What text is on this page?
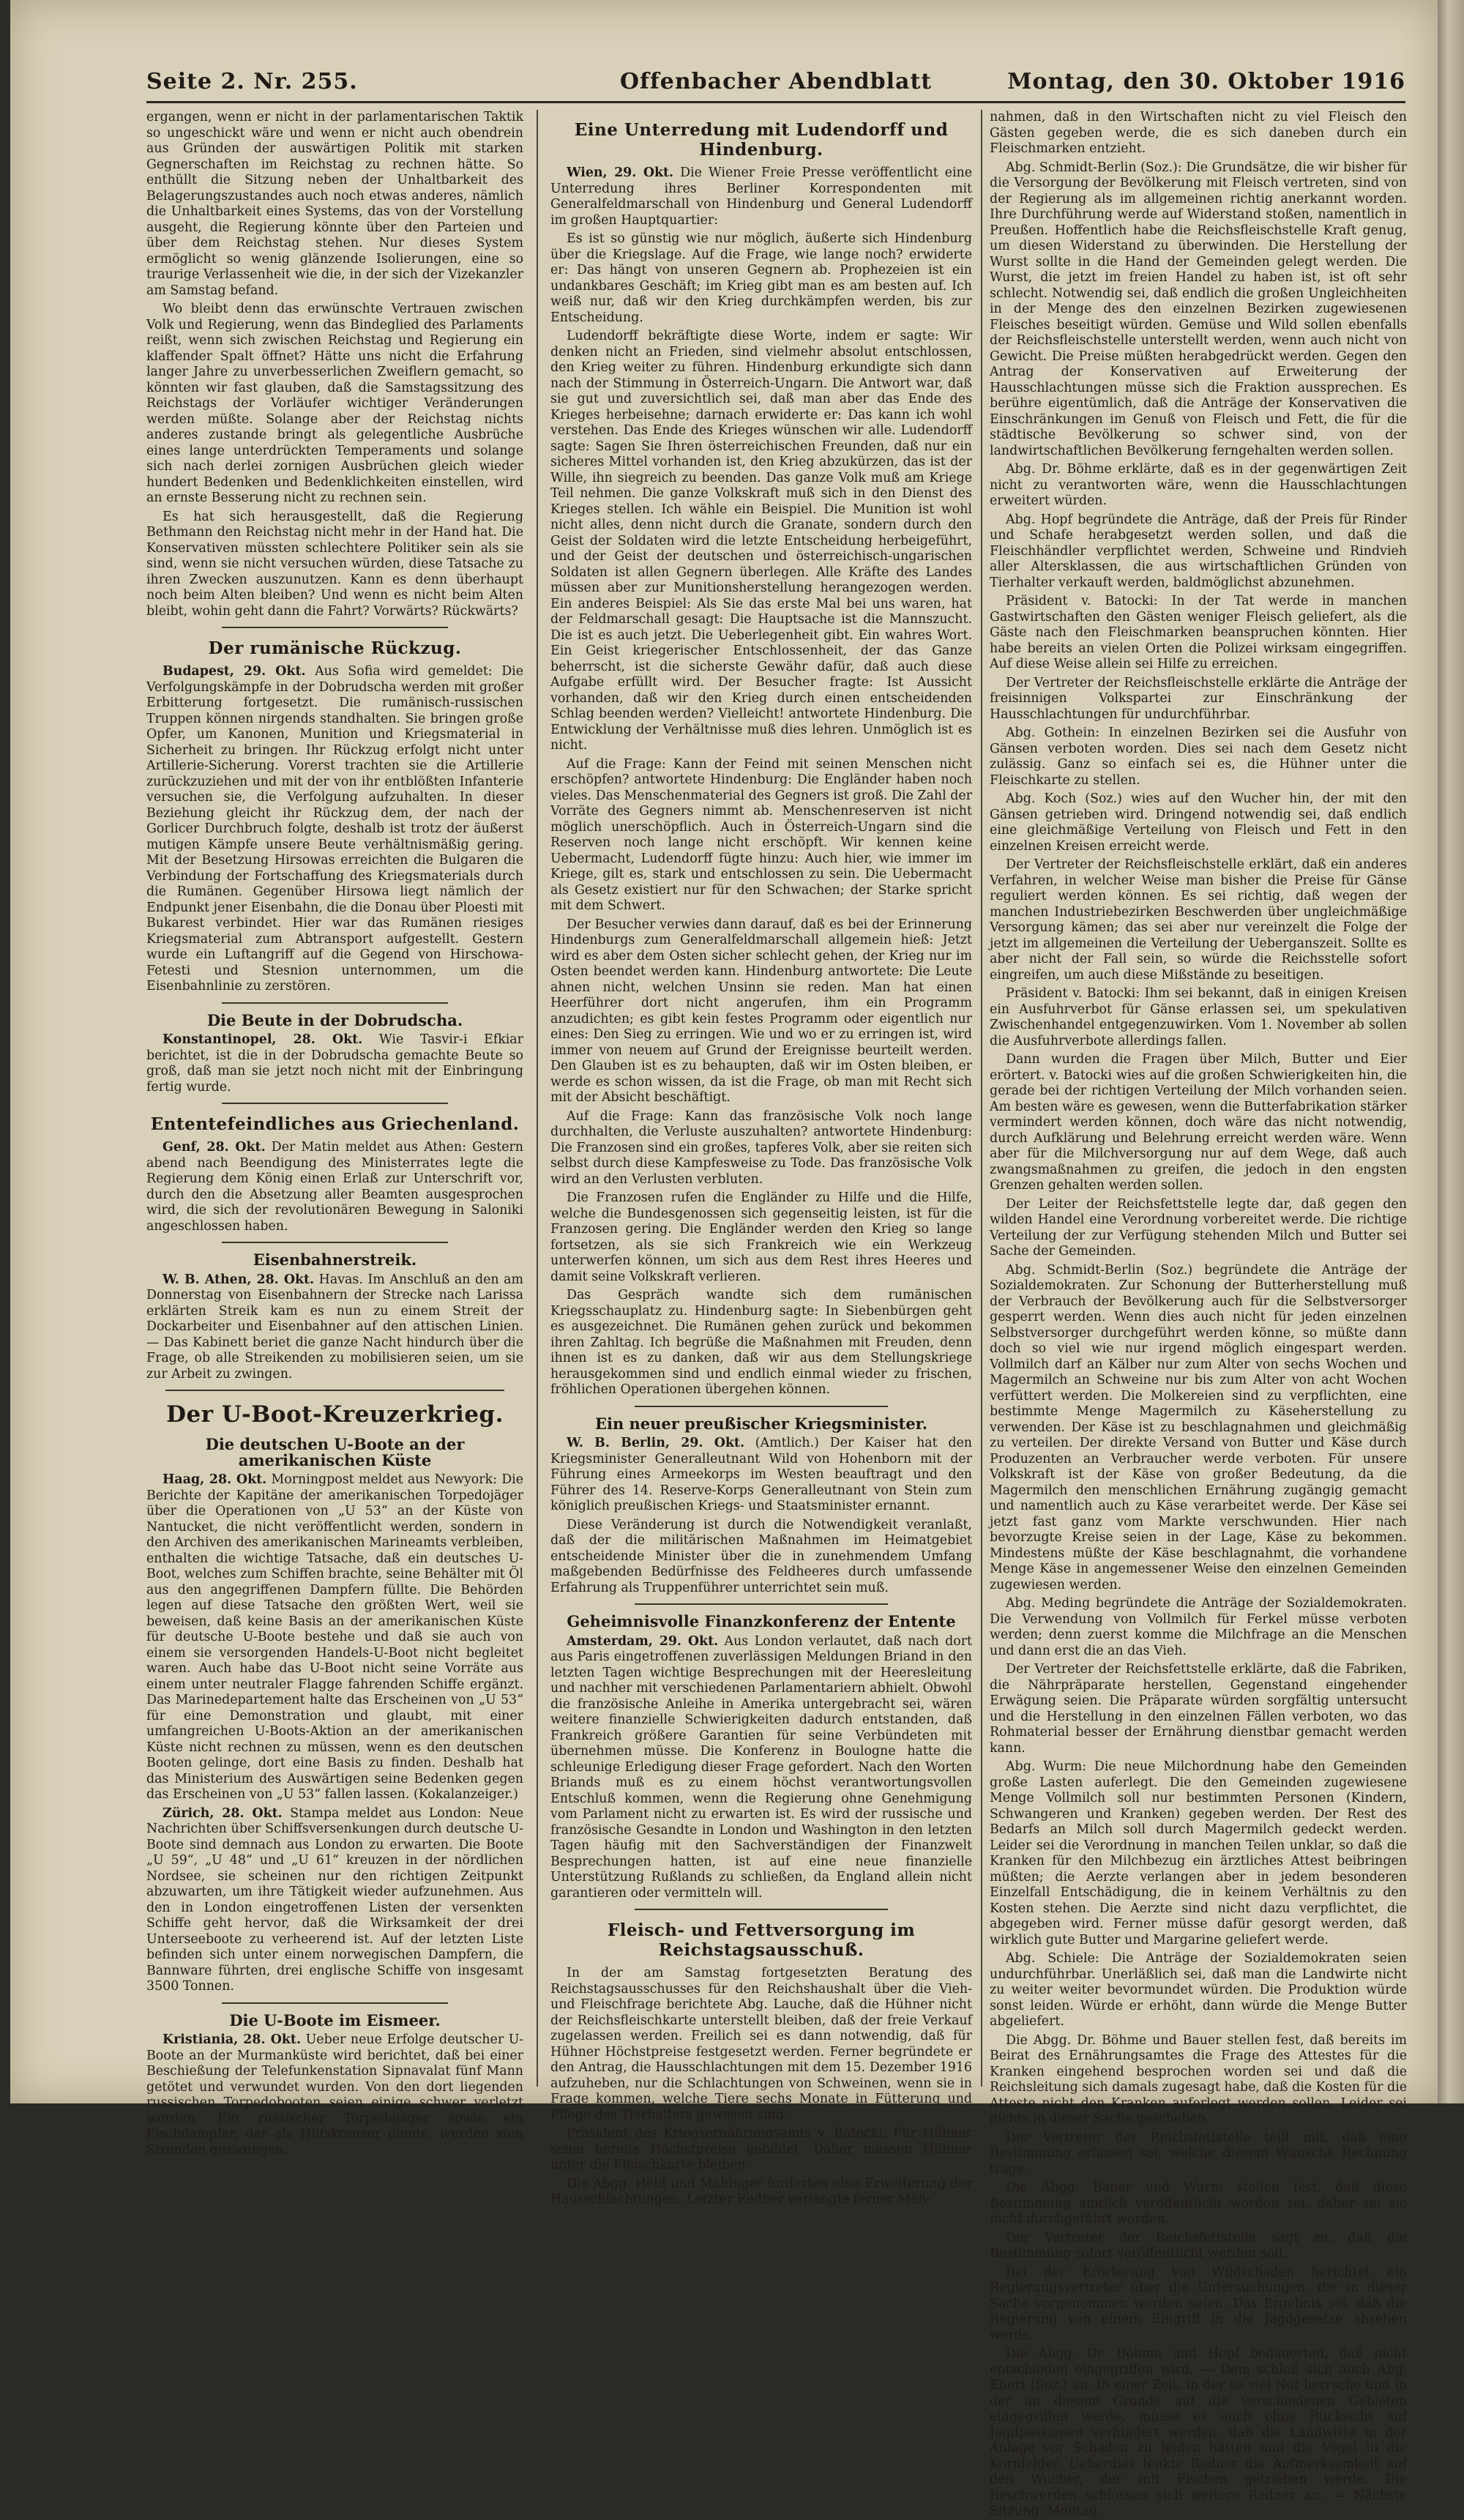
Seite 2. Nr. 255.	Offenbacher Abendblatt	Montag, den 30. Oktober 1916

ergangen, wenn er nicht in der parlamentarischen Taktik so ungeschickt wäre und wenn er nicht auch obendrein aus Gründen der auswärtigen Politik mit starken Gegnerschaften im Reichstag zu rechnen hätte. So enthüllt die Sitzung neben der Unhaltbarkeit des Belagerungszustandes auch noch etwas anderes, nämlich die Unhaltbarkeit eines Systems, das von der Vorstellung ausgeht, die Regierung könnte über den Parteien und über dem Reichstag stehen. Nur dieses System ermöglicht so wenig glänzende Isolierungen, eine so traurige Verlassenheit wie die, in der sich der Vizekanzler am Samstag befand.

Wo bleibt denn das erwünschte Vertrauen zwischen Volk und Regierung, wenn das Bindeglied des Parlaments reißt, wenn sich zwischen Reichstag und Regierung ein klaffender Spalt öffnet? Hätte uns nicht die Erfahrung langer Jahre zu unverbesserlichen Zweiflern gemacht, so könnten wir fast glauben, daß die Samstagssitzung des Reichstags der Vorläufer wichtiger Veränderungen werden müßte. Solange aber der Reichstag nichts anderes zustande bringt als gelegentliche Ausbrüche eines lange unterdrückten Temperaments und solange sich nach derlei zornigen Ausbrüchen gleich wieder hundert Bedenken und Bedenklichkeiten einstellen, wird an ernste Besserung nicht zu rechnen sein.

Es hat sich herausgestellt, daß die Regierung Bethmann den Reichstag nicht mehr in der Hand hat. Die Konservativen müssten schlechtere Politiker sein als sie sind, wenn sie nicht versuchen würden, diese Tatsache zu ihren Zwecken auszunutzen. Kann es denn überhaupt noch beim Alten bleiben? Und wenn es nicht beim Alten bleibt, wohin geht dann die Fahrt? Vorwärts? Rückwärts?

Der rumänische Rückzug.

Budapest, 29. Okt. Aus Sofia wird gemeldet: Die Verfolgungskämpfe in der Dobrudscha werden mit großer Erbitterung fortgesetzt. Die rumänisch-russischen Truppen können nirgends standhalten. Sie bringen große Opfer, um Kanonen, Munition und Kriegsmaterial in Sicherheit zu bringen. Ihr Rückzug erfolgt nicht unter Artillerie-Sicherung. Vorerst trachten sie die Artillerie zurückzuziehen und mit der von ihr entblößten Infanterie versuchen sie, die Verfolgung aufzuhalten. In dieser Beziehung gleicht ihr Rückzug dem, der nach der Gorlicer Durchbruch folgte, deshalb ist trotz der äußerst mutigen Kämpfe unsere Beute verhältnismäßig gering. Mit der Besetzung Hirsowas erreichten die Bulgaren die Verbindung der Fortschaffung des Kriegsmaterials durch die Rumänen. Gegenüber Hirsowa liegt nämlich der Endpunkt jener Eisenbahn, die die Donau über Ploesti mit Bukarest verbindet. Hier war das Rumänen riesiges Kriegsmaterial zum Abtransport aufgestellt. Gestern wurde ein Luftangriff auf die Gegend von Hirschowa-Fetesti und Stesnion unternommen, um die Eisenbahnlinie zu zerstören.

Die Beute in der Dobrudscha.

Konstantinopel, 28. Okt. Wie Tasvir-i Efkiar berichtet, ist die in der Dobrudscha gemachte Beute so groß, daß man sie jetzt noch nicht mit der Einbringung fertig wurde.

Ententefeindliches aus Griechenland.

Genf, 28. Okt. Der Matin meldet aus Athen: Gestern abend nach Beendigung des Ministerrates legte die Regierung dem König einen Erlaß zur Unterschrift vor, durch den die Absetzung aller Beamten ausgesprochen wird, die sich der revolutionären Bewegung in Saloniki angeschlossen haben.

Eisenbahnerstreik.

W. B. Athen, 28. Okt. Havas. Im Anschluß an den am Donnerstag von Eisenbahnern der Strecke nach Larissa erklärten Streik kam es nun zu einem Streit der Dockarbeiter und Eisenbahner auf den attischen Linien. — Das Kabinett beriet die ganze Nacht hindurch über die Frage, ob alle Streikenden zu mobilisieren seien, um sie zur Arbeit zu zwingen.

Der U-Boot-Kreuzerkrieg.
Die deutschen U-Boote an der amerikanischen Küste

Haag, 28. Okt. Morningpost meldet aus Newyork: Die Berichte der Kapitäne der amerikanischen Torpedojäger über die Operationen von „U 53“ an der Küste von Nantucket, die nicht veröffentlicht werden, sondern in den Archiven des amerikanischen Marineamts verbleiben, enthalten die wichtige Tatsache, daß ein deutsches U-Boot, welches zum Schiffen brachte, seine Behälter mit Öl aus den angegriffenen Dampfern füllte. Die Behörden legen auf diese Tatsache den größten Wert, weil sie beweisen, daß keine Basis an der amerikanischen Küste für deutsche U-Boote bestehe und daß sie auch von einem sie versorgenden Handels-U-Boot nicht begleitet waren. Auch habe das U-Boot nicht seine Vorräte aus einem unter neutraler Flagge fahrenden Schiffe ergänzt. Das Marinedepartement halte das Erscheinen von „U 53“ für eine Demonstration und glaubt, mit einer umfangreichen U-Boots-Aktion an der amerikanischen Küste nicht rechnen zu müssen, wenn es den deutschen Booten gelinge, dort eine Basis zu finden. Deshalb hat das Ministerium des Auswärtigen seine Bedenken gegen das Erscheinen von „U 53“ fallen lassen. (Kokalanzeiger.)

Zürich, 28. Okt. Stampa meldet aus London: Neue Nachrichten über Schiffsversenkungen durch deutsche U-Boote sind demnach aus London zu erwarten. Die Boote „U 59“, „U 48“ und „U 61“ kreuzen in der nördlichen Nordsee, sie scheinen nur den richtigen Zeitpunkt abzuwarten, um ihre Tätigkeit wieder aufzunehmen. Aus den in London eingetroffenen Listen der versenkten Schiffe geht hervor, daß die Wirksamkeit der drei Unterseeboote zu verheerend ist. Auf der letzten Liste befinden sich unter einem norwegischen Dampfern, die Bannware führten, drei englische Schiffe von insgesamt 3500 Tonnen.

Die U-Boote im Eismeer.

Kristiania, 28. Okt. Ueber neue Erfolge deutscher U-Boote an der Murmanküste wird berichtet, daß bei einer Beschießung der Telefunkenstation Sipnavalat fünf Mann getötet und verwundet wurden. Von den dort liegenden russischen Torpedobooten seien einige schwer verletzt worden. Ein russischer Torpedojäger sowie ein Fischdampfer, der als Hilfskreuzer diente, wurden zum Stranden gezwungen.

Eine Unterredung mit Ludendorff und Hindenburg.

Wien, 29. Okt. Die Wiener Freie Presse veröffentlicht eine Unterredung ihres Berliner Korrespondenten mit Generalfeldmarschall von Hindenburg und General Ludendorff im großen Hauptquartier:

Es ist so günstig wie nur möglich, äußerte sich Hindenburg über die Kriegslage. Auf die Frage, wie lange noch? erwiderte er: Das hängt von unseren Gegnern ab. Prophezeien ist ein undankbares Geschäft; im Krieg gibt man es am besten auf. Ich weiß nur, daß wir den Krieg durchkämpfen werden, bis zur Entscheidung.

Ludendorff bekräftigte diese Worte, indem er sagte: Wir denken nicht an Frieden, sind vielmehr absolut entschlossen, den Krieg weiter zu führen. Hindenburg erkundigte sich dann nach der Stimmung in Österreich-Ungarn. Die Antwort war, daß sie gut und zuversichtlich sei, daß man aber das Ende des Krieges herbeisehne; darnach erwiderte er: Das kann ich wohl verstehen. Das Ende des Krieges wünschen wir alle. Ludendorff sagte: Sagen Sie Ihren österreichischen Freunden, daß nur ein sicheres Mittel vorhanden ist, den Krieg abzukürzen, das ist der Wille, ihn siegreich zu beenden. Das ganze Volk muß am Kriege Teil nehmen. Die ganze Volkskraft muß sich in den Dienst des Krieges stellen. Ich wähle ein Beispiel. Die Munition ist wohl nicht alles, denn nicht durch die Granate, sondern durch den Geist der Soldaten wird die letzte Entscheidung herbeigeführt, und der Geist der deutschen und österreichisch-ungarischen Soldaten ist allen Gegnern überlegen. Alle Kräfte des Landes müssen aber zur Munitionsherstellung herangezogen werden. Ein anderes Beispiel: Als Sie das erste Mal bei uns waren, hat der Feldmarschall gesagt: Die Hauptsache ist die Mannszucht. Die ist es auch jetzt. Die Ueberlegenheit gibt. Ein wahres Wort. Ein Geist kriegerischer Entschlossenheit, der das Ganze beherrscht, ist die sicherste Gewähr dafür, daß auch diese Aufgabe erfüllt wird. Der Besucher fragte: Ist Aussicht vorhanden, daß wir den Krieg durch einen entscheidenden Schlag beenden werden? Vielleicht! antwortete Hindenburg. Die Entwicklung der Verhältnisse muß dies lehren. Unmöglich ist es nicht.

Auf die Frage: Kann der Feind mit seinen Menschen nicht erschöpfen? antwortete Hindenburg: Die Engländer haben noch vieles. Das Menschenmaterial des Gegners ist groß. Die Zahl der Vorräte des Gegners nimmt ab. Menschenreserven ist nicht möglich unerschöpflich. Auch in Österreich-Ungarn sind die Reserven noch lange nicht erschöpft. Wir kennen keine Uebermacht, Ludendorff fügte hinzu: Auch hier, wie immer im Kriege, gilt es, stark und entschlossen zu sein. Die Uebermacht als Gesetz existiert nur für den Schwachen; der Starke spricht mit dem Schwert.

Der Besucher verwies dann darauf, daß es bei der Erinnerung Hindenburgs zum Generalfeldmarschall allgemein hieß: Jetzt wird es aber dem Osten sicher schlecht gehen, der Krieg nur im Osten beendet werden kann. Hindenburg antwortete: Die Leute ahnen nicht, welchen Unsinn sie reden. Man hat einen Heerführer dort nicht angerufen, ihm ein Programm anzudichten; es gibt kein festes Programm oder eigentlich nur eines: Den Sieg zu erringen. Wie und wo er zu erringen ist, wird immer von neuem auf Grund der Ereignisse beurteilt werden. Den Glauben ist es zu behaupten, daß wir im Osten bleiben, er werde es schon wissen, da ist die Frage, ob man mit Recht sich mit der Absicht beschäftigt.

Auf die Frage: Kann das französische Volk noch lange durchhalten, die Verluste auszuhalten? antwortete Hindenburg: Die Franzosen sind ein großes, tapferes Volk, aber sie reiten sich selbst durch diese Kampfesweise zu Tode. Das französische Volk wird an den Verlusten verbluten.

Die Franzosen rufen die Engländer zu Hilfe und die Hilfe, welche die Bundesgenossen sich gegenseitig leisten, ist für die Franzosen gering. Die Engländer werden den Krieg so lange fortsetzen, als sie sich Frankreich wie ein Werkzeug unterwerfen können, um sich aus dem Rest ihres Heeres und damit seine Volkskraft verlieren.

Das Gespräch wandte sich dem rumänischen Kriegsschauplatz zu. Hindenburg sagte: In Siebenbürgen geht es ausgezeichnet. Die Rumänen gehen zurück und bekommen ihren Zahltag. Ich begrüße die Maßnahmen mit Freuden, denn ihnen ist es zu danken, daß wir aus dem Stellungskriege herausgekommen sind und endlich einmal wieder zu frischen, fröhlichen Operationen übergehen können.

Ein neuer preußischer Kriegsminister.

W. B. Berlin, 29. Okt. (Amtlich.) Der Kaiser hat den Kriegsminister Generalleutnant Wild von Hohenborn mit der Führung eines Armeekorps im Westen beauftragt und den Führer des 14. Reserve-Korps Generalleutnant von Stein zum königlich preußischen Kriegs- und Staatsminister ernannt.

Diese Veränderung ist durch die Notwendigkeit veranlaßt, daß der die militärischen Maßnahmen im Heimatgebiet entscheidende Minister über die in zunehmendem Umfang maßgebenden Bedürfnisse des Feldheeres durch umfassende Erfahrung als Truppenführer unterrichtet sein muß.

Geheimnisvolle Finanzkonferenz der Entente

Amsterdam, 29. Okt. Aus London verlautet, daß nach dort aus Paris eingetroffenen zuverlässigen Meldungen Briand in den letzten Tagen wichtige Besprechungen mit der Heeresleitung und nachher mit verschiedenen Parlamentariern abhielt. Obwohl die französische Anleihe in Amerika untergebracht sei, wären weitere finanzielle Schwierigkeiten dadurch entstanden, daß Frankreich größere Garantien für seine Verbündeten mit übernehmen müsse. Die Konferenz in Boulogne hatte die schleunige Erledigung dieser Frage gefordert. Nach den Worten Briands muß es zu einem höchst verantwortungsvollen Entschluß kommen, wenn die Regierung ohne Genehmigung vom Parlament nicht zu erwarten ist. Es wird der russische und französische Gesandte in London und Washington in den letzten Tagen häufig mit den Sachverständigen der Finanzwelt Besprechungen hatten, ist auf eine neue finanzielle Unterstützung Rußlands zu schließen, da England allein nicht garantieren oder vermitteln will.

Fleisch- und Fettversorgung im Reichstagsausschuß.

In der am Samstag fortgesetzten Beratung des Reichstagsausschusses für den Reichshaushalt über die Vieh- und Fleischfrage berichtete Abg. Lauche, daß die Hühner nicht der Reichsfleischkarte unterstellt bleiben, daß der freie Verkauf zugelassen werden. Freilich sei es dann notwendig, daß für Hühner Höchstpreise festgesetzt werden. Ferner begründete er den Antrag, die Hausschlachtungen mit dem 15. Dezember 1916 aufzuheben, nur die Schlachtungen von Schweinen, wenn sie in Frage kommen, welche Tiere sechs Monate in Fütterung und Pflege des Tierhalters gewesen sind.

Präsident des Kriegsernährungsamts v. Batocki: Für Hühner seien bereits Höchstpreise gebildet. Daher müssen Hühner unter die Fleischkarte bleiben.

Die Abgg. Held und Mahinger forderten eine Erweiterung der Hausschlachtungen. Letzter Redner verlangte ferner Maß-

nahmen, daß in den Wirtschaften nicht zu viel Fleisch den Gästen gegeben werde, die es sich daneben durch ein Fleischmarken entzieht.

Abg. Schmidt-Berlin (Soz.): Die Grundsätze, die wir bisher für die Versorgung der Bevölkerung mit Fleisch vertreten, sind von der Regierung als im allgemeinen richtig anerkannt worden. Ihre Durchführung werde auf Widerstand stoßen, namentlich in Preußen. Hoffentlich habe die Reichsfleischstelle Kraft genug, um diesen Widerstand zu überwinden. Die Herstellung der Wurst sollte in die Hand der Gemeinden gelegt werden. Die Wurst, die jetzt im freien Handel zu haben ist, ist oft sehr schlecht. Notwendig sei, daß endlich die großen Ungleichheiten in der Menge des den einzelnen Bezirken zugewiesenen Fleisches beseitigt würden. Gemüse und Wild sollen ebenfalls der Reichsfleischstelle unterstellt werden, wenn auch nicht von Gewicht. Die Preise müßten herabgedrückt werden. Gegen den Antrag der Konservativen auf Erweiterung der Hausschlachtungen müsse sich die Fraktion aussprechen. Es berühre eigentümlich, daß die Anträge der Konservativen die Einschränkungen im Genuß von Fleisch und Fett, die für die städtische Bevölkerung so schwer sind, von der landwirtschaftlichen Bevölkerung ferngehalten werden sollen.

Abg. Dr. Böhme erklärte, daß es in der gegenwärtigen Zeit nicht zu verantworten wäre, wenn die Hausschlachtungen erweitert würden.

Abg. Hopf begründete die Anträge, daß der Preis für Rinder und Schafe herabgesetzt werden sollen, und daß die Fleischhändler verpflichtet werden, Schweine und Rindvieh aller Altersklassen, die aus wirtschaftlichen Gründen von Tierhalter verkauft werden, baldmöglichst abzunehmen.

Präsident v. Batocki: In der Tat werde in manchen Gastwirtschaften den Gästen weniger Fleisch geliefert, als die Gäste nach den Fleischmarken beanspruchen könnten. Hier habe bereits an vielen Orten die Polizei wirksam eingegriffen. Auf diese Weise allein sei Hilfe zu erreichen.

Der Vertreter der Reichsfleischstelle erklärte die Anträge der freisinnigen Volkspartei zur Einschränkung der Hausschlachtungen für undurchführbar.

Abg. Gothein: In einzelnen Bezirken sei die Ausfuhr von Gänsen verboten worden. Dies sei nach dem Gesetz nicht zulässig. Ganz so einfach sei es, die Hühner unter die Fleischkarte zu stellen.

Abg. Koch (Soz.) wies auf den Wucher hin, der mit den Gänsen getrieben wird. Dringend notwendig sei, daß endlich eine gleichmäßige Verteilung von Fleisch und Fett in den einzelnen Kreisen erreicht werde.

Der Vertreter der Reichsfleischstelle erklärt, daß ein anderes Verfahren, in welcher Weise man bisher die Preise für Gänse reguliert werden können. Es sei richtig, daß wegen der manchen Industriebezirken Beschwerden über ungleichmäßige Versorgung kämen; das sei aber nur vereinzelt die Folge der jetzt im allgemeinen die Verteilung der Ueberganszeit. Sollte es aber nicht der Fall sein, so würde die Reichsstelle sofort eingreifen, um auch diese Mißstände zu beseitigen.

Präsident v. Batocki: Ihm sei bekannt, daß in einigen Kreisen ein Ausfuhrverbot für Gänse erlassen sei, um spekulativen Zwischenhandel entgegenzuwirken. Vom 1. November ab sollen die Ausfuhrverbote allerdings fallen.

Dann wurden die Fragen über Milch, Butter und Eier erörtert. v. Batocki wies auf die großen Schwierigkeiten hin, die gerade bei der richtigen Verteilung der Milch vorhanden seien. Am besten wäre es gewesen, wenn die Butterfabrikation stärker vermindert werden können, doch wäre das nicht notwendig, durch Aufklärung und Belehrung erreicht werden wäre. Wenn aber für die Milchversorgung nur auf dem Wege, daß auch zwangsmaßnahmen zu greifen, die jedoch in den engsten Grenzen gehalten werden sollen.

Der Leiter der Reichsfettstelle legte dar, daß gegen den wilden Handel eine Verordnung vorbereitet werde. Die richtige Verteilung der zur Verfügung stehenden Milch und Butter sei Sache der Gemeinden.

Abg. Schmidt-Berlin (Soz.) begründete die Anträge der Sozialdemokraten. Zur Schonung der Butterherstellung muß der Verbrauch der Bevölkerung auch für die Selbstversorger gesperrt werden. Wenn dies auch nicht für jeden einzelnen Selbstversorger durchgeführt werden könne, so müßte dann doch so viel wie nur irgend möglich eingespart werden. Vollmilch darf an Kälber nur zum Alter von sechs Wochen und Magermilch an Schweine nur bis zum Alter von acht Wochen verfüttert werden. Die Molkereien sind zu verpflichten, eine bestimmte Menge Magermilch zu Käseherstellung zu verwenden. Der Käse ist zu beschlagnahmen und gleichmäßig zu verteilen. Der direkte Versand von Butter und Käse durch Produzenten an Verbraucher werde verboten. Für unsere Volkskraft ist der Käse von großer Bedeutung, da die Magermilch den menschlichen Ernährung zugängig gemacht und namentlich auch zu Käse verarbeitet werde. Der Käse sei jetzt fast ganz vom Markte verschwunden. Hier nach bevorzugte Kreise seien in der Lage, Käse zu bekommen. Mindestens müßte der Käse beschlagnahmt, die vorhandene Menge Käse in angemessener Weise den einzelnen Gemeinden zugewiesen werden.

Abg. Meding begründete die Anträge der Sozialdemokraten. Die Verwendung von Vollmilch für Ferkel müsse verboten werden; denn zuerst komme die Milchfrage an die Menschen und dann erst die an das Vieh.

Der Vertreter der Reichsfettstelle erklärte, daß die Fabriken, die Nährpräparate herstellen, Gegenstand eingehender Erwägung seien. Die Präparate würden sorgfältig untersucht und die Herstellung in den einzelnen Fällen verboten, wo das Rohmaterial besser der Ernährung dienstbar gemacht werden kann.

Abg. Wurm: Die neue Milchordnung habe den Gemeinden große Lasten auferlegt. Die den Gemeinden zugewiesene Menge Vollmilch soll nur bestimmten Personen (Kindern, Schwangeren und Kranken) gegeben werden. Der Rest des Bedarfs an Milch soll durch Magermilch gedeckt werden. Leider sei die Verordnung in manchen Teilen unklar, so daß die Kranken für den Milchbezug ein ärztliches Attest beibringen müßten; die Aerzte verlangen aber in jedem besonderen Einzelfall Entschädigung, die in keinem Verhältnis zu den Kosten stehen. Die Aerzte sind nicht dazu verpflichtet, die abgegeben wird. Ferner müsse dafür gesorgt werden, daß wirklich gute Butter und Margarine geliefert werde.

Abg. Schiele: Die Anträge der Sozialdemokraten seien undurchführbar. Unerläßlich sei, daß man die Landwirte nicht zu weiter weiter bevormundet würden. Die Produktion würde sonst leiden. Würde er erhöht, dann würde die Menge Butter abgeliefert.

Die Abgg. Dr. Böhme und Bauer stellen fest, daß bereits im Beirat des Ernährungsamtes die Frage des Attestes für die Kranken eingehend besprochen worden sei und daß die Reichsleitung sich damals zugesagt habe, daß die Kosten für die Atteste nicht den Kranken auferlegt werden sollen. Leider sei nichts in dieser Sache geschehen.

Der Vertreter der Reichsfettstelle teilt mit, daß eine Bestimmung erlassen sei, welche diesem Wunsche Rechnung trage.

Die Abgg. Bauer und Wurm stellen fest, daß diese Bestimmung amtlich veröffentlicht worden sei, daher sei sie nicht durchgeführt worden.

Der Vertreter der Reichsfettstelle sagt zu, daß die Bestimmung sofort veröffentlicht werden soll.

Bei der Erörterung von Wildschaden berichtet ein Regierungsvertreter über die Untersuchungen, die in dieser Sache vorgenommen worden seien. Das Ergebnis sei, daß die Regierung von einem Eingriff in die Jagdgesetze absehen werde.

Die Abgg. Dr. Böhme und Hopf bedauerten, daß nicht entschieden eingegriffen wird. — Dem schloß sich auch Abg. Ebert (Soz.) an. In einer Zeit, in der so viel Not herrsche und in der an diesem Grunde auf die verschiedenen Gebieten eingegriffen werde, müsse es auch ohne Rücksicht auf Jagdpassionen verhindert werden, daß die Landwirte in der Anlage vor Schaden zu leiden hätten und die Vogel in die Kornfelder. Ueberdies lenkte Redner die Aufmerksamkeit auf den Wucher, der mit Fischen getrieben werde. Die Beschwerden schlossen sich weitere Redner an. — Nächste Sitzung: Montag.
